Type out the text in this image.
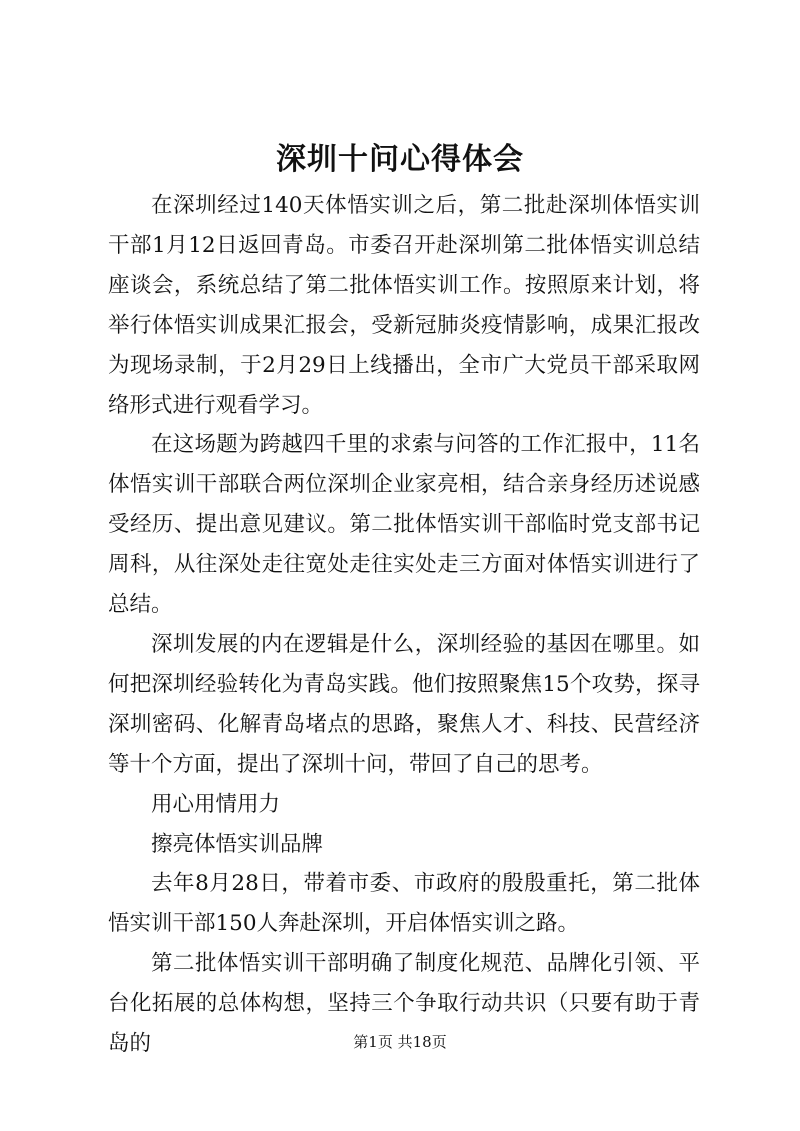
深圳十问心得体会

在深圳经过140天体悟实训之后，第二批赴深圳体悟实训干部1月12日返回青岛。市委召开赴深圳第二批体悟实训总结座谈会，系统总结了第二批体悟实训工作。按照原来计划，将举行体悟实训成果汇报会，受新冠肺炎疫情影响，成果汇报改为现场录制，于2月29日上线播出，全市广大党员干部采取网络形式进行观看学习。

在这场题为跨越四千里的求索与问答的工作汇报中，11名体悟实训干部联合两位深圳企业家亮相，结合亲身经历述说感受经历、提出意见建议。第二批体悟实训干部临时党支部书记周科，从往深处走往宽处走往实处走三方面对体悟实训进行了总结。

深圳发展的内在逻辑是什么，深圳经验的基因在哪里。如何把深圳经验转化为青岛实践。他们按照聚焦15个攻势，探寻深圳密码、化解青岛堵点的思路，聚焦人才、科技、民营经济等十个方面，提出了深圳十问，带回了自己的思考。

用心用情用力

擦亮体悟实训品牌

去年8月28日，带着市委、市政府的殷殷重托，第二批体悟实训干部150人奔赴深圳，开启体悟实训之路。

第二批体悟实训干部明确了制度化规范、品牌化引领、平台化拓展的总体构想，坚持三个争取行动共识（只要有助于青岛的	第1页 共18页
